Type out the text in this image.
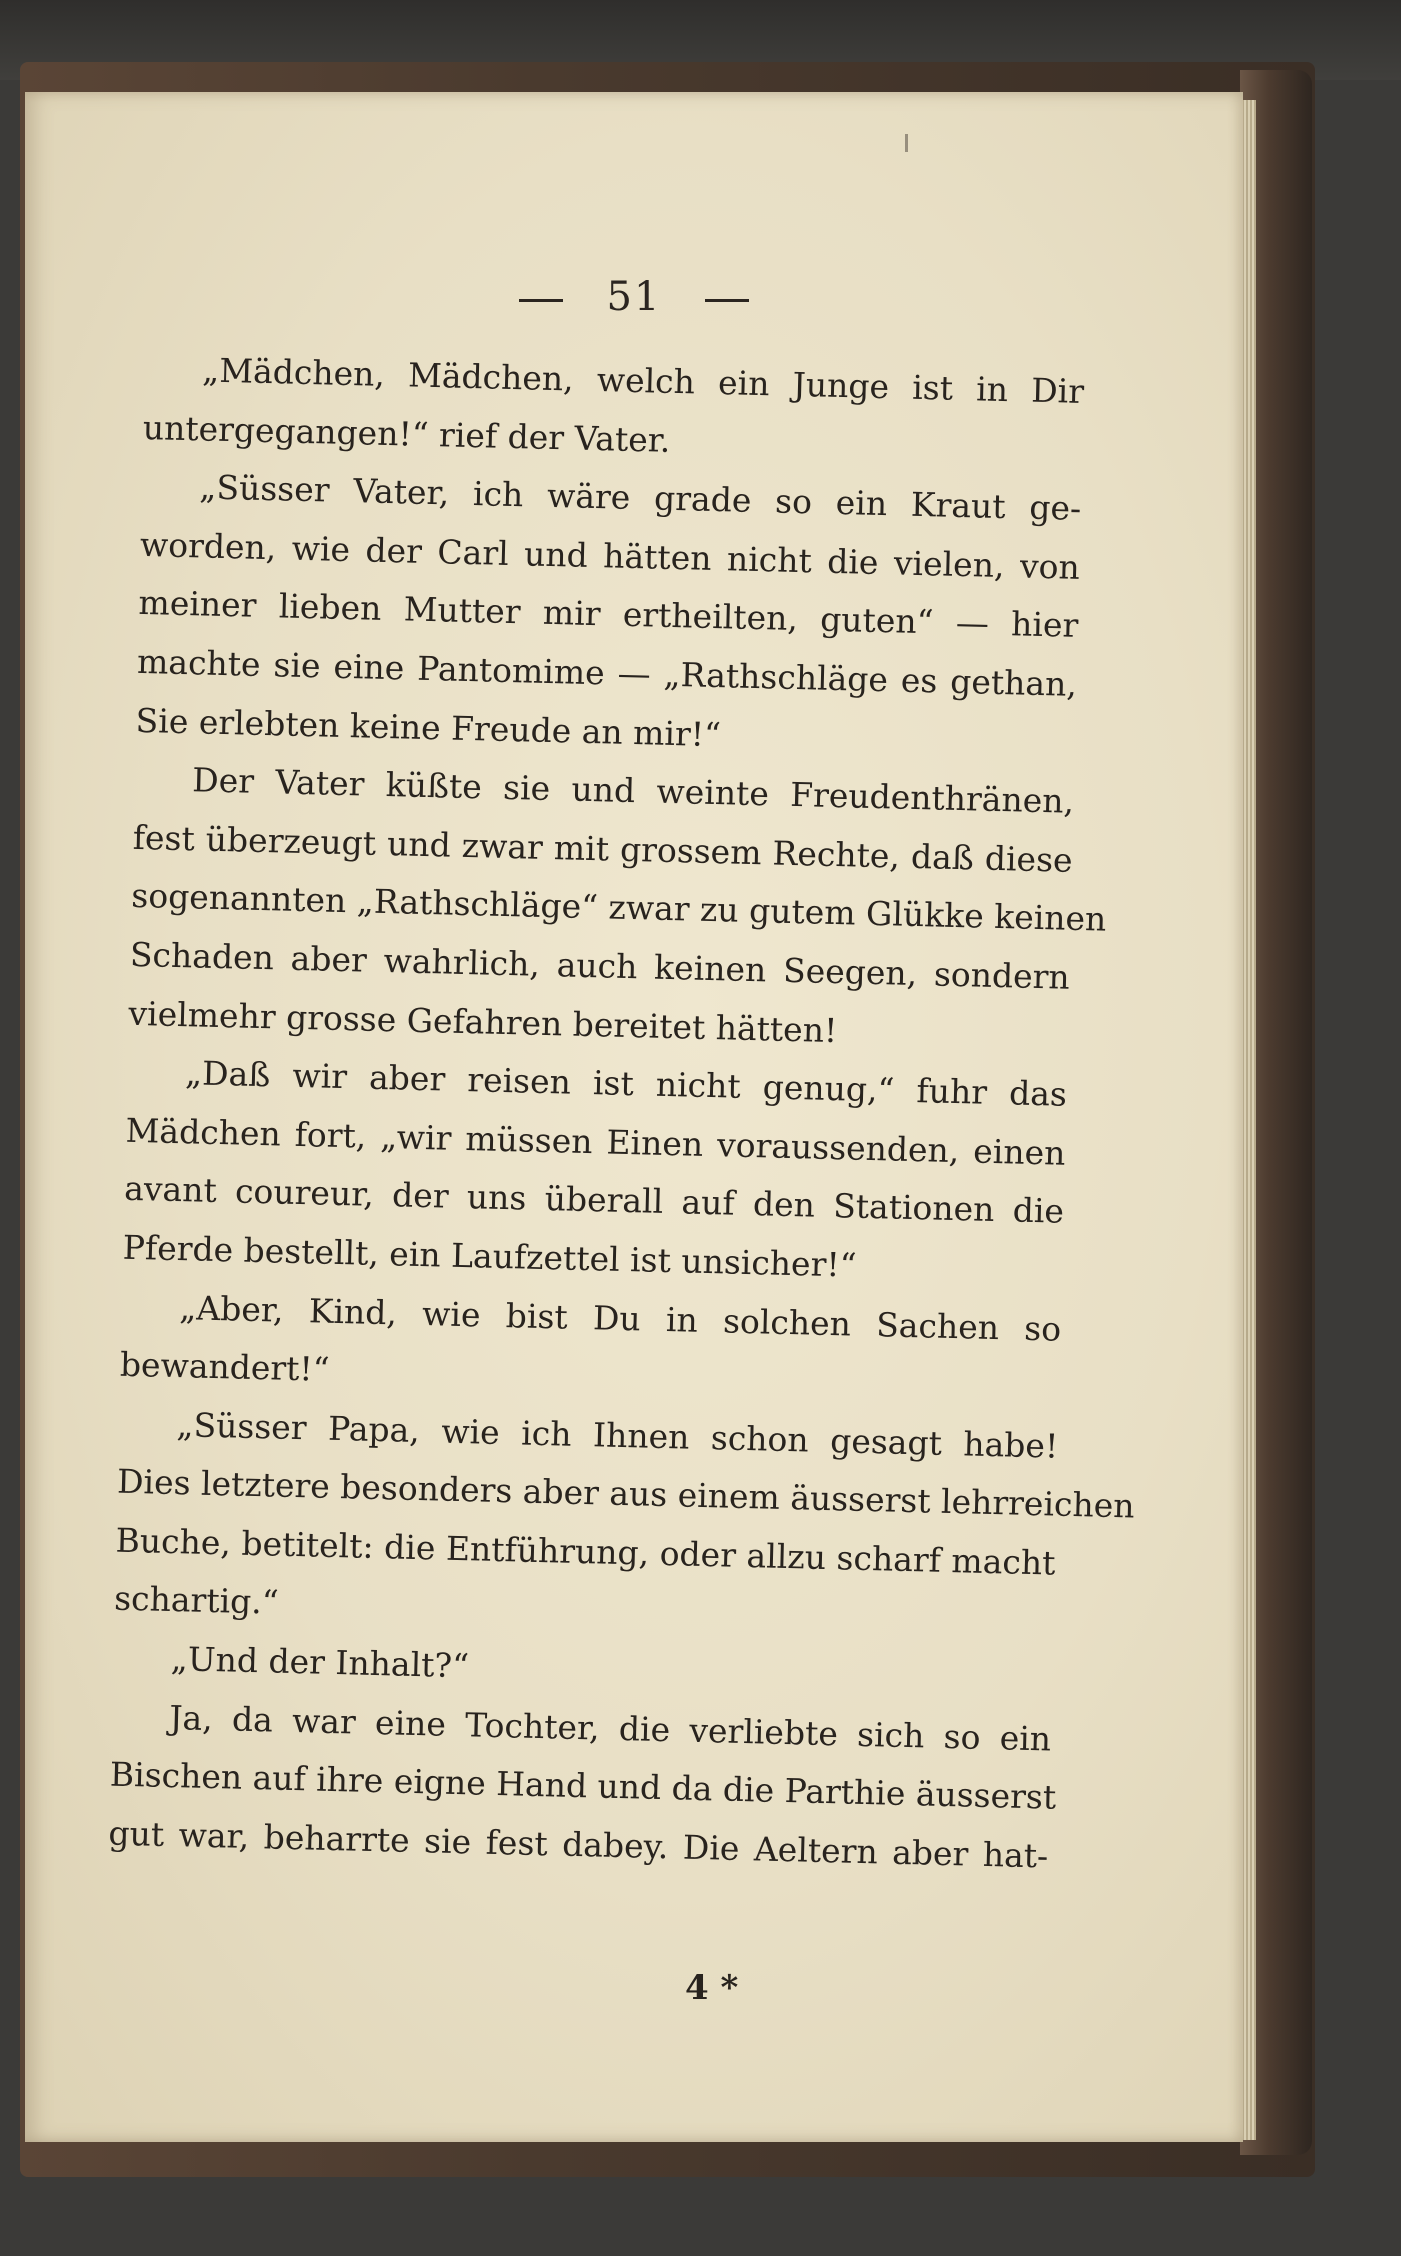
51
„Mädchen, Mädchen, welch ein Junge ist in Dir
untergegangen!“ rief der Vater.
„Süsser Vater, ich wäre grade so ein Kraut ge-
worden, wie der Carl und hätten nicht die vielen, von
meiner lieben Mutter mir ertheilten, guten“ — hier
machte sie eine Pantomime — „Rathschläge es gethan,
Sie erlebten keine Freude an mir!“
Der Vater küßte sie und weinte Freudenthränen,
fest überzeugt und zwar mit grossem Rechte, daß diese
sogenannten „Rathschläge“ zwar zu gutem Glükke keinen
Schaden aber wahrlich, auch keinen Seegen, sondern
vielmehr grosse Gefahren bereitet hätten!
„Daß wir aber reisen ist nicht genug,“ fuhr das
Mädchen fort, „wir müssen Einen voraussenden, einen
avant coureur, der uns überall auf den Stationen die
Pferde bestellt, ein Laufzettel ist unsicher!“
„Aber, Kind, wie bist Du in solchen Sachen so
bewandert!“
„Süsser Papa, wie ich Ihnen schon gesagt habe!
Dies letztere besonders aber aus einem äusserst lehrreichen
Buche, betitelt: die Entführung, oder allzu scharf macht
schartig.“
„Und der Inhalt?“
Ja, da war eine Tochter, die verliebte sich so ein
Bischen auf ihre eigne Hand und da die Parthie äusserst
gut war, beharrte sie fest dabey. Die Aeltern aber hat-
4 *
